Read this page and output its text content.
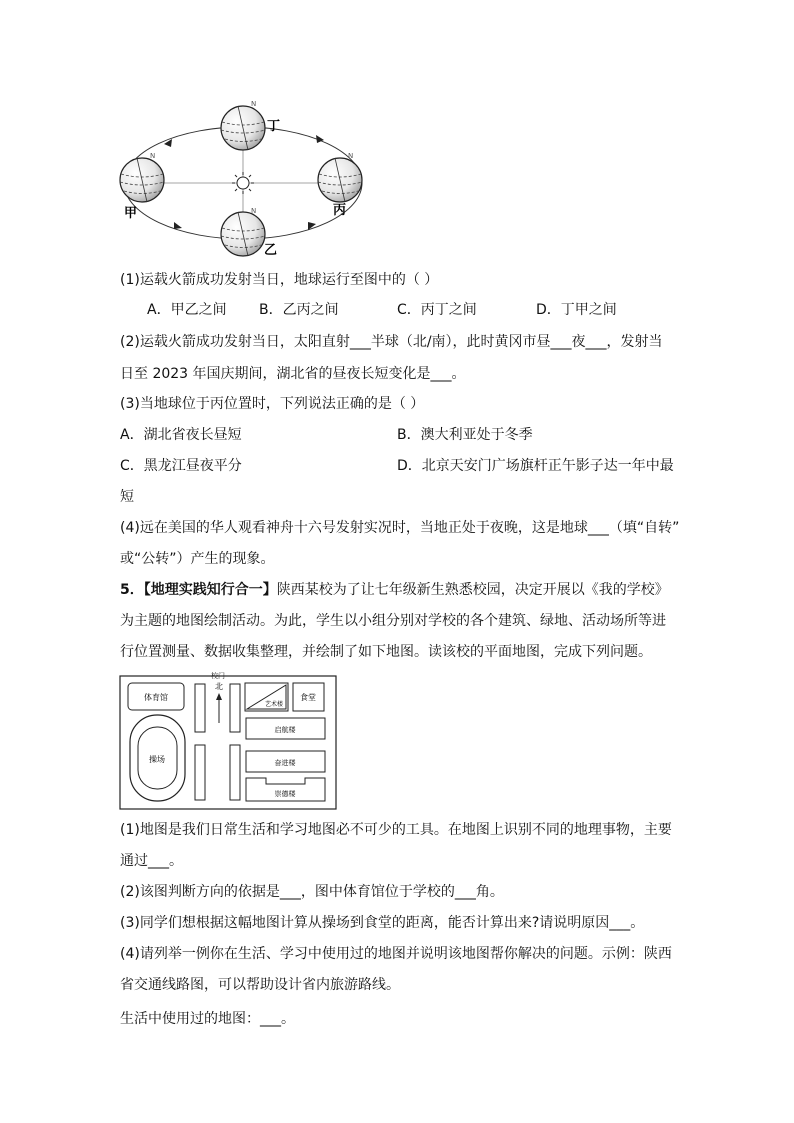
N
N	N
N
丁
甲	丙
乙
(1)运载火箭成功发射当日，地球运行至图中的（ ）
A．甲乙之间 B．乙丙之间	C．丙丁之间	D．丁甲之间
(2)运载火箭成功发射当日，太阳直射___半球（北/南），此时黄冈市昼___夜___，发射当
日至 2023 年国庆期间，湖北省的昼夜长短变化是___。
(3)当地球位于丙位置时，下列说法正确的是（ ）
A．湖北省夜长昼短	B．澳大利亚处于冬季
C．黑龙江昼夜平分	D．北京天安门广场旗杆正午影子达一年中最
短
(4)远在美国的华人观看神舟十六号发射实况时，当地正处于夜晚，这是地球___（填“自转”
或“公转”）产生的现象。
5．【地理实践知行合一】陕西某校为了让七年级新生熟悉校园，决定开展以《我的学校》
为主题的地图绘制活动。为此，学生以小组分别对学校的各个建筑、绿地、活动场所等进
行位置测量、数据收集整理，并绘制了如下地图。读该校的平面地图，完成下列问题。
校门
体育馆
北
操场
艺术楼
食堂
启航楼
奋进楼
崇德楼
(1)地图是我们日常生活和学习地图必不可少的工具。在地图上识别不同的地理事物，主要
通过___。
(2)该图判断方向的依据是___，图中体育馆位于学校的___角。
(3)同学们想根据这幅地图计算从操场到食堂的距离，能否计算出来?请说明原因___。
(4)请列举一例你在生活、学习中使用过的地图并说明该地图帮你解决的问题。示例：陕西
省交通线路图，可以帮助设计省内旅游路线。
生活中使用过的地图：___。
